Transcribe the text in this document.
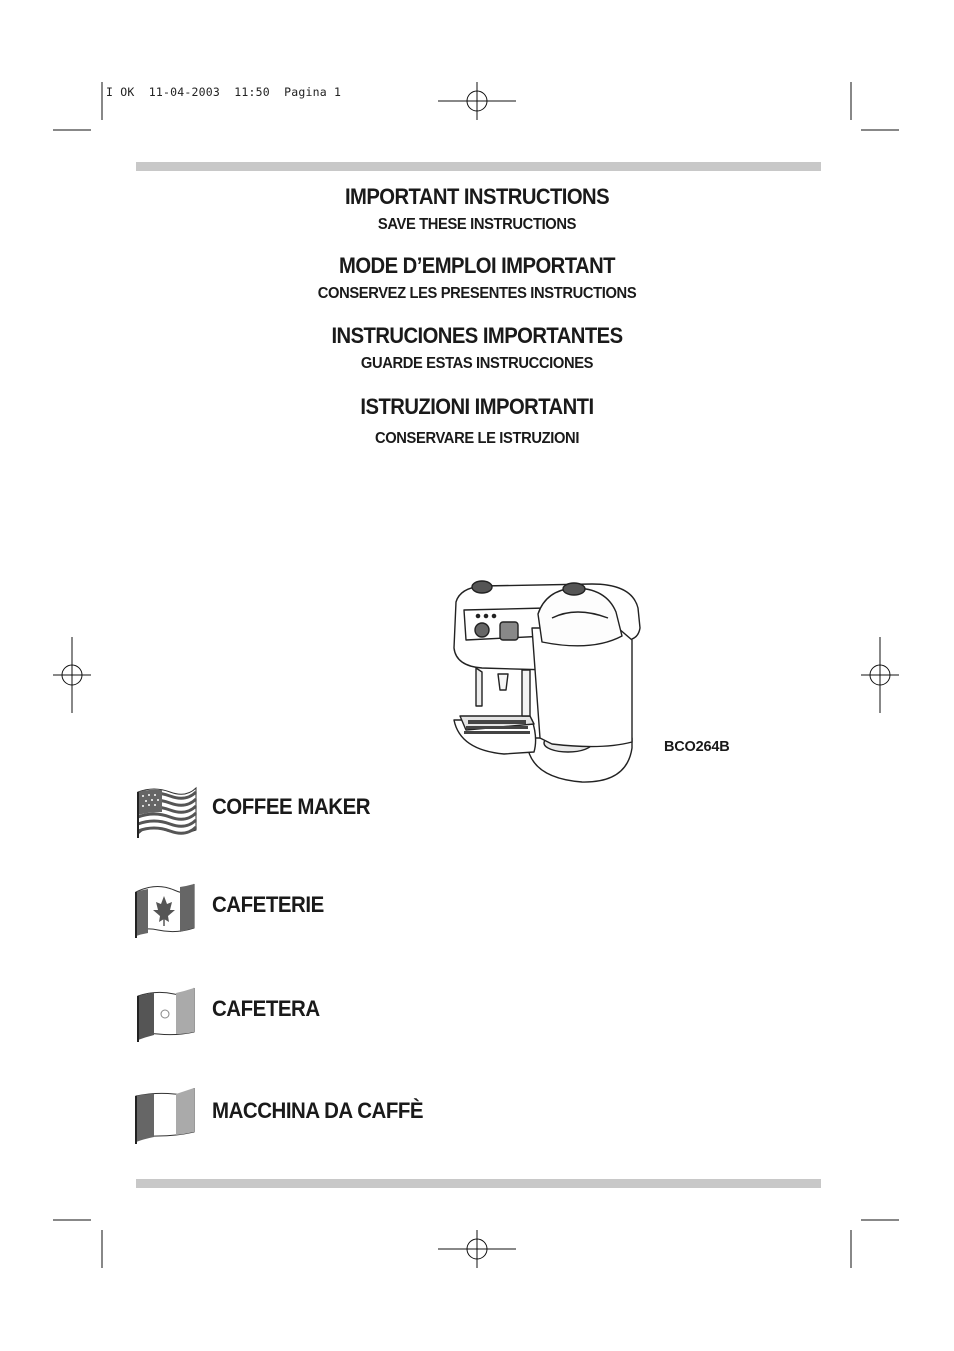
I OK  11-04-2003  11:50  Pagina 1
IMPORTANT INSTRUCTIONS
SAVE THESE INSTRUCTIONS
MODE D’EMPLOI IMPORTANT
CONSERVEZ LES PRESENTES INSTRUCTIONS
INSTRUCIONES IMPORTANTES
GUARDE ESTAS INSTRUCCIONES
ISTRUZIONI IMPORTANTI
CONSERVARE LE ISTRUZIONI
BCO264B
COFFEE MAKER
CAFETERIE
CAFETERA
MACCHINA DA CAFFÈ
